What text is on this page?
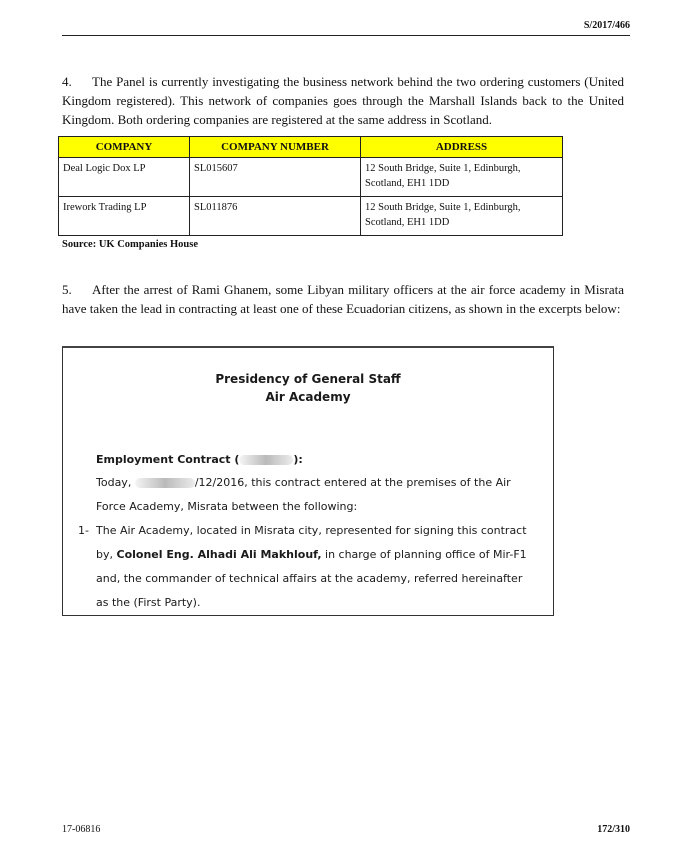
S/2017/466

4. The Panel is currently investigating the business network behind the two ordering customers (United Kingdom registered). This network of companies goes through the Marshall Islands back to the United Kingdom. Both ordering companies are registered at the same address in Scotland.

COMPANY	COMPANY NUMBER	ADDRESS
Deal Logic Dox LP	SL015607	12 South Bridge, Suite 1, Edinburgh,
Scotland, EH1 1DD
Irework Trading LP	SL011876	12 South Bridge, Suite 1, Edinburgh,
Scotland, EH1 1DD
Source: UK Companies House

5. After the arrest of Rami Ghanem, some Libyan military officers at the air force academy in Misrata have taken the lead in contracting at least one of these Ecuadorian citizens, as shown in the excerpts below:

Presidency of General Staff
Air Academy
Employment Contract (	):
Today,	/12/2016, this contract entered at the premises of the Air
Force Academy, Misrata between the following:
1- The Air Academy, located in Misrata city, represented for signing this contract
by, Colonel Eng. Alhadi Ali Makhlouf, in charge of planning office of Mir-F1
and, the commander of technical affairs at the academy, referred hereinafter
as the (First Party).
17-06816	172/310
